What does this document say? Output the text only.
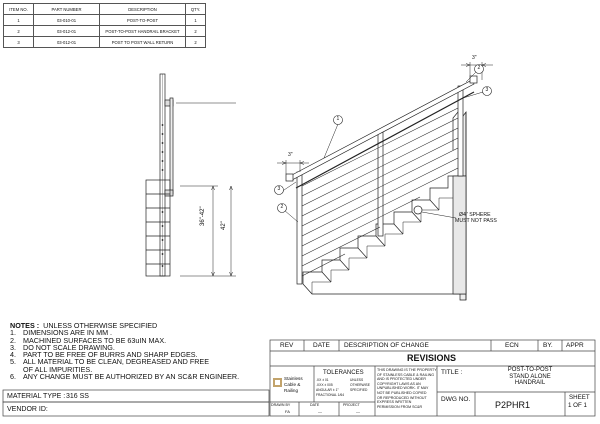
ITEM NO.	PART NUMBER	DESCRIPTION	QTY.
1	03-010-01	POST-TO-POST	1
2	03-012-01	POST-TO-POST HANDRAIL BRACKET	2
3	03-012-01	POST TO POST WALL RETURN	2
36"-42"	42"
3"
3"
Ø4" SPHERE
MUST NOT PASS
1
3
2
2
3
NOTES :
UNLESS OTHERWISE SPECIFIED
1. DIMENSIONS ARE IN MM .
2. MACHINED SURFACES TO BE 63uIN MAX.
3. DO NOT SCALE DRAWING.
4. PART TO BE FREE OF BURRS AND SHARP EDGES.
5. ALL MATERIAL TO BE CLEAN, DEGREASED AND FREE
OF ALL IMPURITIES.
6. ANY CHANGE MUST BE AUTHORIZED BY AN SC&R ENGINEER.
MATERIAL TYPE : 316 SS
VENDOR ID:
REV	DATE DESCRIPTION OF CHANGE	ECN	BY. APPR
REVISIONS
Stainless
Cable &
Railing
TOLERANCES
.XX ± 01
.XXX ± 005
ANGULAR ± 1°
FRACTIONAL 1/64
UNLESS
OTHERWISE
SPECIFIED
THIS DRAWING IS THE PROPERTY
OF STAINLESS CABLE & RAILING
AND IS PROTECTED UNDER
COPYRIGHT LAWS AS AN
UNPUBLISHED WORK. IT MAY
NOT BE PUBLISHED COPIED
OR REPRODUCED WITHOUT
EXPRESS WRITTEN
PERMISSION FROM SC&R
DRAWN BY
FA
DATE
—
PROJECT
—
TITLE :	POST-TO-POST
STAND ALONE
HANDRAIL
DWG NO.
P2PHR1
SHEET
1 OF 1
